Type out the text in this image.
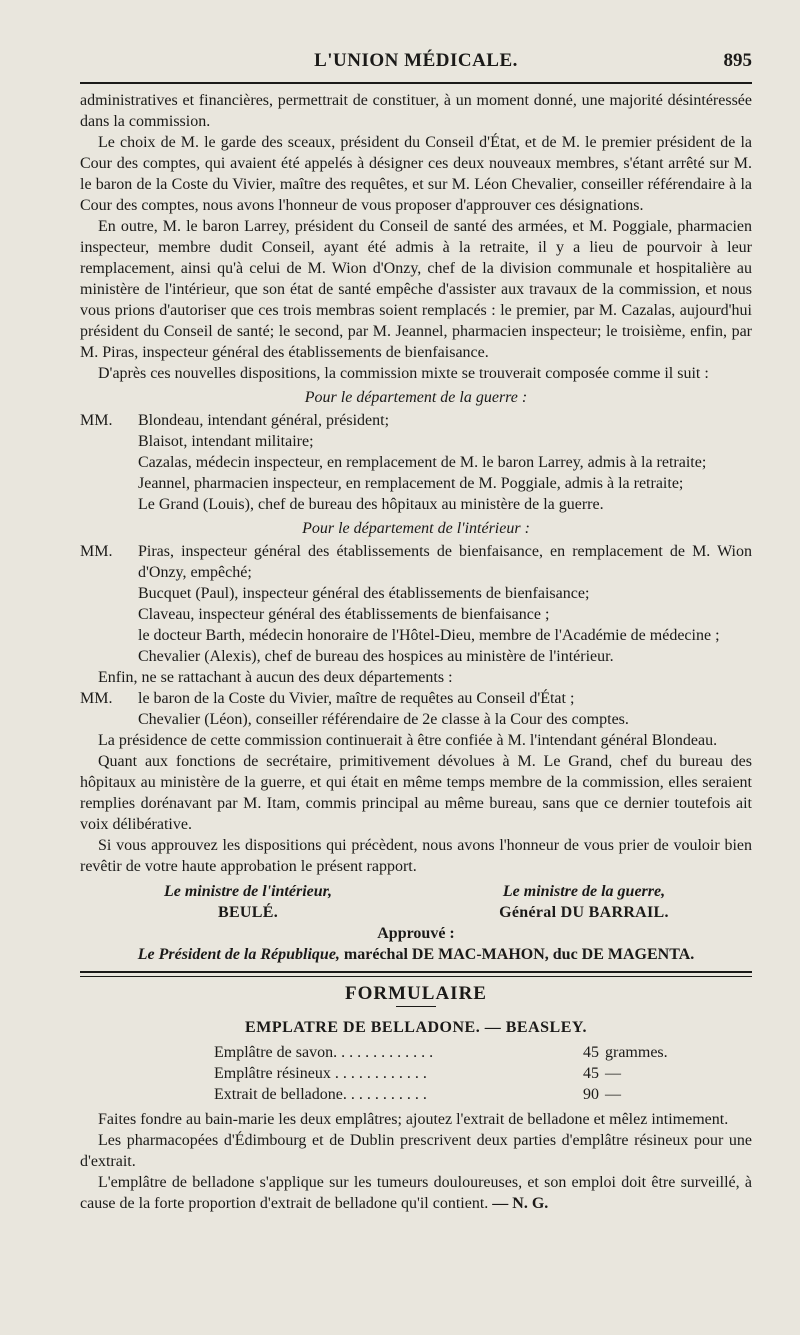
L'UNION MÉDICALE.	895

administratives et financières, permettrait de constituer, à un moment donné, une majorité désintéressée dans la commission.

Le choix de M. le garde des sceaux, président du Conseil d'État, et de M. le premier président de la Cour des comptes, qui avaient été appelés à désigner ces deux nouveaux membres, s'étant arrêté sur M. le baron de la Coste du Vivier, maître des requêtes, et sur M. Léon Chevalier, conseiller référendaire à la Cour des comptes, nous avons l'honneur de vous proposer d'approuver ces désignations.

En outre, M. le baron Larrey, président du Conseil de santé des armées, et M. Poggiale, pharmacien inspecteur, membre dudit Conseil, ayant été admis à la retraite, il y a lieu de pourvoir à leur remplacement, ainsi qu'à celui de M. Wion d'Onzy, chef de la division communale et hospitalière au ministère de l'intérieur, que son état de santé empêche d'assister aux travaux de la commission, et nous vous prions d'autoriser que ces trois membras soient remplacés : le premier, par M. Cazalas, aujourd'hui président du Conseil de santé; le second, par M. Jeannel, pharmacien inspecteur; le troisième, enfin, par M. Piras, inspecteur général des établissements de bienfaisance.

D'après ces nouvelles dispositions, la commission mixte se trouverait composée comme il suit :

Pour le département de la guerre :

MM. Blondeau, intendant général, président;
Blaisot, intendant militaire;
Cazalas, médecin inspecteur, en remplacement de M. le baron Larrey, admis à la retraite;
Jeannel, pharmacien inspecteur, en remplacement de M. Poggiale, admis à la retraite;
Le Grand (Louis), chef de bureau des hôpitaux au ministère de la guerre.

Pour le département de l'intérieur :

MM. Piras, inspecteur général des établissements de bienfaisance, en remplacement de M. Wion d'Onzy, empêché;
Bucquet (Paul), inspecteur général des établissements de bienfaisance;
Claveau, inspecteur général des établissements de bienfaisance ;
le docteur Barth, médecin honoraire de l'Hôtel-Dieu, membre de l'Académie de médecine ;
Chevalier (Alexis), chef de bureau des hospices au ministère de l'intérieur.

Enfin, ne se rattachant à aucun des deux départements :

MM. le baron de la Coste du Vivier, maître de requêtes au Conseil d'État ;
Chevalier (Léon), conseiller référendaire de 2e classe à la Cour des comptes.

La présidence de cette commission continuerait à être confiée à M. l'intendant général Blondeau.

Quant aux fonctions de secrétaire, primitivement dévolues à M. Le Grand, chef du bureau des hôpitaux au ministère de la guerre, et qui était en même temps membre de la commission, elles seraient remplies dorénavant par M. Itam, commis principal au même bureau, sans que ce dernier toutefois ait voix délibérative.

Si vous approuvez les dispositions qui précèdent, nous avons l'honneur de vous prier de vouloir bien revêtir de votre haute approbation le présent rapport.

Le ministre de l'intérieur,
BEULÉ.
Le ministre de la guerre,
Général DU BARRAIL.
Approuvé :
Le Président de la République, maréchal DE MAC-MAHON, duc DE MAGENTA.
FORMULAIRE
EMPLATRE DE BELLADONE. — BEASLEY.
Emplâtre de savon. . . . . . . . . . . . .	45 grammes.
Emplâtre résineux . . . . . . . . . . . .	45 —
Extrait de belladone. . . . . . . . . . .	90 —

Faites fondre au bain-marie les deux emplâtres; ajoutez l'extrait de belladone et mêlez intimement.

Les pharmacopées d'Édimbourg et de Dublin prescrivent deux parties d'emplâtre résineux pour une d'extrait.

L'emplâtre de belladone s'applique sur les tumeurs douloureuses, et son emploi doit être surveillé, à cause de la forte proportion d'extrait de belladone qu'il contient. — N. G.
